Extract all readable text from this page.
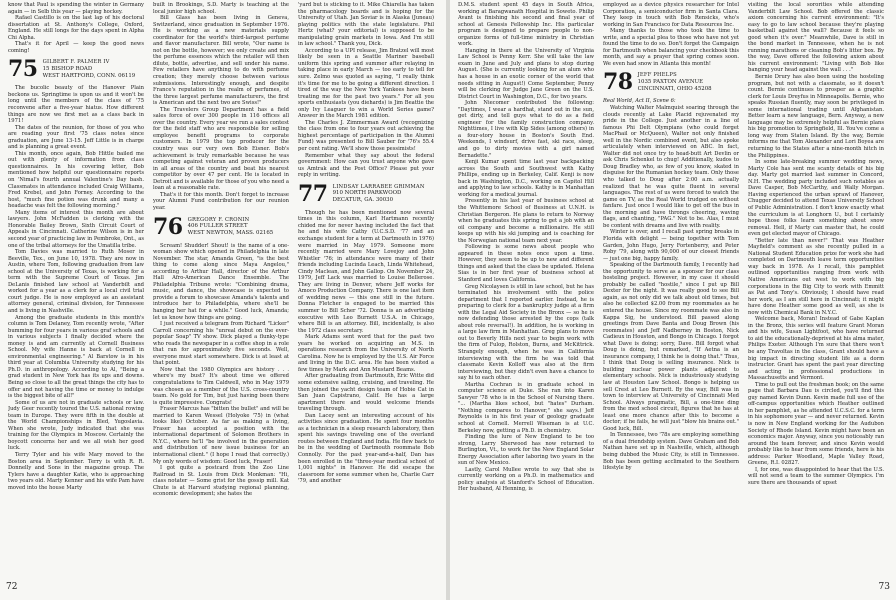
know that Paul is spending the winter in Germany again — in Selb this year — playing hockey.

Rafael Castillo is on the last lap of his doctoral dissertation at St. Anthony's College, Oxford, England. He still longs for the days spent in Alpha Chi Alpha.

That's it for April — keep the good news coming!

75 GILBERT F. PALMER IV
15 BISHOP ROAD
WEST HARTFORD, CONN. 06119

The bucolic beauty of the Hanover Plain beckons us. Springtime is upon us and it won't be long until the members of the class of '75 reconvene after a five-year hiatus. How different things are now we first met as a class back in 1971!

The dates of the reunion, for those of you who are reading your first '75 class notes since graduation, are June 13-15. Jeff Little is in charge and is planning a great event.

This month, once again, Bob Hittle bailed me out with plenty of information from class questionnaires. In his covering letter, Bob mentioned how helpful our questionnaire reports on 'Nimal's fourth annual Valentine's Day bash. Classmates in attendance included Craig Williams, Fred Krebel, and John Forney. According to the host, "much fine potion was drunk and many a headache was felt the following morning."

Many items of interest this month are about lawyers. John McFadden is clerking with the Honorable Bailey Brown, Sixth Circuit Court of Appeals in Cincinnati. Catherine Wilson is in her second year of practicing law in Pembroke, Ont., as one of the tribal attorneys for the Umatilla tribe.

Tom Davies was married to Ruth Moser in Beeville, Tex., on June 10, 1978. They are now in Austin, where Tom, following graduation from law school at the University of Texas, is working for a term with the Supreme Court of Texas. Jim DeLanis finished law school at Vanderbilt and worked for a year as a clerk for a local civil trial court judge. He is now employed as an assistant attorney general, criminal division, for Tennessee and is living in Nashville.

Among the graduate students in this month's column is Tom Delaney, Tom recently wrote, "After bumming for four years in various graf schools and in various subjects I finally decided where the money is and am currently at Cornell Business School. My wife Hanne is back at Cornell in environmental engineering." Al Barstow is in his third year at Columbia University studying for his Ph.D. in anthropology. According to Al, "Being a grad student in New York has its ups and downs. Being so close to all the great things the city has to offer and not having the time or money to indulge is the biggest bite of all!"

Some of us are not in graduate schools or law. Judy Geer recently toured the U.S. national rowing team in Europe. They were fifth in the double at the World Championships in Bled, Yugoslavia. When she wrote, Judy indicated that she was training for the Olympics in Moscow. Certainly the boycott concerns her and we all wish her good luck.

Terry Tyler and his wife Mary moved to the Boston area in September. Terry is with R. R. Donnelly and Sons in the magazine group. The Tylers have a daughter Katie, who is approaching two years old. Marty Kenner and his wife Pam have moved into the house Marty

built in Brookings, S.D. Marty is teaching at the local junior high school.

Bill Glass has been living in Geneva, Switzerland, since graduation in September 1976. He is working as a new materials supply coordinator for the world's third-largest perfume and flavor manufacturer. Bill wrote, "Our name is not on the bottle, however; we only create and mix the perfume essences which the retailer will then dilute, bottle, advertise, and sell under his name. Few retailers have anything to do with perfume creation; they merely choose between various submissions. Interestingly enough, and despite France's reputation in the realm of perfumes, of the three largest perfume manufacturers, the first is American and the next two are Swiss!"

The Travelers Group Department has a field sales force of over 300 people in 116 offices all over the country. Every year we run a sales contest for the field staff who are responsible for selling employee benefit programs to corporate customers. In 1979 the top producer for the country was our very own Bob Eisner. Bob's achievement is truly remarkable because he was competing against veteran and proven producers in all areas of the country and beat his nearest competitor by over 47 per cent. He is located in Detroit and is available for those of you who need a loan at a reasonable rate.

That's it for this month. Don't forget to increase your Alumni Fund contribution for our reunion year.

76 GREGORY F. CRONIN
406 FULLER STREET
WEST NEWTON, MASS. 02165

Scream! Shudder! Shout! is the name of a one-woman show which opened in Philadelphia in late November. The star, Amanda Green, "is the best thing to come along since Maya Angelou," according to Arthur Hall, director of the Arthur Hall Afro-American Dance Ensemble. The Philadelphia Tribune wrote: "Combining drama, music, and dance, the showcase is expected to provide a forum to showcase Amanda's talents and introduce her to Philadelphia, where she'll be hanging her hat for a while." Good luck, Amanda; let us know how things are going.

I just received a telegram from Richard "Licker" Carroll concerning his "unreal debut on the ever-popular Soap" TV show. Dick played a flunky-type who reads the newspaper in a coffee shop in a role that ran for approximately five seconds. Well, everyone must start somewhere. Dick is at least at that point.

Now that the 1980 Olympics are history . . . where's my bust? It's about time we offered congratulations to Tim Caldwell, who in May 1979 was chosen as a member of the U.S. cross-country team. No gold for Tim, but just having been there is quite impressive. Congrats!

Fraser Marcus has "bitten the bullet" and will be married to Karen Wessel (Holyoke '75) in (what looks like) October. As far as making a living, Fraser has accepted a position with the international department of Solomon Brothers in N.Y.C., where he'll "be involved in the generation and distribution of new issue business for an international client." (I hope I read that correctly.) My only words of wisdom: Good luck, Fraser!

I got quite a postcard from the Zoo Line Railroad in St. Louis from Dick Monkman: "Hi, class notater — Some grist for the gossip mill. Kat Chute is at Harvard studying regional planning, economic development; she hates the

'yard but is sticking to it. Mike Chiarella has taken the pharmacology boards and is hoping for the University of Utah. Jan Soviar is in Alaska (Juneau) playing politics with the state legislature. Phil Hertz (what? your editorial) is supposed to be manipulating grain markets in Iowa. And I'm still in law school." Thank you, Dick.

According to a UPI release, Jim Bratzel will most likely be seen in a Seattle Mariner baseball uniform this spring and summer after relaying in taking place in early March — too early to tell for sure. Zelmo was quoted as saying, "I really think it's time for me to be going a different direction. I tired of the way the New York Yankees have been treating me for the past two years." For all you sports enthusiasts (you diehards) is Jim Beattie the only Ivy Leaguer to win a World Series game? Answer in the March 1981 edition.

The Charles J. Zimmerman Award (recognizing the class from one to four years out achieving the highest percentage of participation in the Alumni Fund) was presented to Bill Sauber for '76's 55.4 per cent rating. We'll show those pessimists!

Remember what they say about the federal government: How can you trust anyone who gave us Amtrak and the Post Office? Please put your reply in writing.

77 LINDSAY LARRABEE GRIMMAN
910 NORTH PARKWOOD
DECATUR, GA. 30030

Though he has been mentioned now several times in this column, Karl Hartmann recently chided me for never having included the fact that he and his wife Cathy (U.C.S.D. '77 and an exchange student for a term at Dartmouth in 1976) were married in May 1979. Someone more recently married were Mary Lovejoy and John Whistler '76; in attendance were many of their friends including Lucinda Leach, Linda Whitehead, Cindy Maclean, and John Gallop. On November 24, 1979, Jeff Lack was married to Louise Bellerose. They are living in Denver, where Jeff works for Amoco Production Company. There is one last item of wedding news — this one still in the future. Donna Fletcher is engaged to be married this summer to Bill Scher '72. Donna is an advertising executive with Leo Burnett U.S.A. in Chicago, where Bill is an attorney. Bill, incidentally, is also the 1972 class secretary.

Mark Adams sent word that for the past two years he worked on acquiring an M.S. in operations research from the University of North Carolina. Now he is employed by the U.S. Air Force and living in the D.C. area. He has been visited a few times by Mark and Ann Mustard Beams.

After graduating from Dartmouth, Eric Witte did some extensive sailing, cruising, and traveling. He then joined the yacht design team of Hobie Cat in San Juan Capistrano, Calif. He has a large apartment there and would welcome friends traveling through.

Dan Lacey sent an interesting account of his activities since graduation. He spent four months as a technician in a sleep research laboratory, then spent his savings traveling one of the overland routes between England and India. He flew back to be in the wedding of Dartmouth roommate Bob Connolly. For the past year-and-a-half, Dan has been enrolled in the "three-year medical school of 1,001 nights" in Hanover. He did escape the classroom for some summer when he, Charlie Carr '79, and another

72

D.M.S. student spent 45 days in South Africa, working at Baragwanath Hospital in Soweto. Philip Avant is finishing his second and final year of school at Genesis Fellowship Inc. His particular program is designed to prepare people to non-organize forms of full-time ministry in Christian work.

Hanging in there at the University of Virginia Law School is Penny Kerr. She will take the law exam in June and July and plans to stop during August. (She is currently looking for an alum who has a house in an exotic corner of the world that needs sitting in August!) Come September, Penny will be clerking for Judge Jane Green on the U.S. District Court in Washington, D.C., for two years.

John Niecomer contributed the following: "Daytimes, I wear a hardhat, stand out in the sun, get dirty, and tell guys what to do as a field engineer for the family construction company. Nighttimes, I live with Kip Sides (among others) in a four-story house in Boston's South End. Weekends, I windsurf, drive fast, ski race, sleep, and go to dirty movies with a girl named Bernadette."

Kenji Kumar spent time last year backpacking across the South and Southwest with Kathy Phillips, ending up in Berkeley, Calif. Kenji is now back in Washington, D.C., working on Capitol Hill and applying to law schools. Kathy is in Manhattan working for a medical journal.

Presently in his last year of business school at the Whittemore School of Business at U.N.H. is Christian Bergeron. He plans to return to Norway when he graduates this spring to get a job with an oil company and become a millionaire. He still keeps up with his ski jumping and is coaching for the Norwegian national team next year.

Following is some news about people who appeared in these notes once upon a time. However, they seem to be up to new and different things and asked that the class be updated. Helena Sias is in her first year of business school at Stanford and loves California.

Greg Nicolaysen is still in law school, but he has terminated his involvement with the police department that I reported earlier. Instead, he is preparing to clerk for a bankruptcy judge at a firm with the Legal Aid Society in the Bronx — so he is now defending those arrested by the cops (talk about role reversal!). In addition, he is working in a large law firm in Manhattan. Greg plans to move out to Beverly Hills next year to begin work with the firm of Fulop, Rolston, Burns, and McKittrick. Strangely enough, when he was in California interviewing with the firm he was told that classmate Kevin Kolloff was also at the firm interviewing, but they didn't even have a chance to say hi to each other.

Martha Cochran is in graduate school in computer science at Duke. She ran into Karen Sawyer '78 who is in the School of Nursing there. "... (Martha likes school, but "hates" Durham. "Nothing compares to Hanover," she says.) Jeff Reynolds is in his first year of geology graduate school at Cornell. Merrell Wiseman is at U.C. Berkeley now, getting a Ph.D. in chemistry.

Finding the lure of New England to be too strong, Larry Sherwood has now returned to Burlington, Vt., to work for the New England Solar Energy Association after laboring two years in the sun of New Mexico.

Lastly, Carol Mullee wrote to say that she is currently working on a Ph.D. in mathematics and policy analysis at Stanford's School of Education. Her husband, Al Henning, is

employed as a device physics researcher for Intel Corporation, a semiconductor firm in Santa Clara. They keep in touch with Bob Rensicks, who's working in San Francisco for Data Resources Inc.

Many thanks to those who took the time to write, and a special plea to those who have not yet found the time to do so. Don't forget the Campaign for Dartmouth when balancing your checkbook this month, and say a prayer that spring comes soon. We even had snow in Atlanta this month!

78 JEFF PHELPS
1035 PAXTON AVENUE
CINCINNATI, OHIO 45208

Real World, Act II, Scene 6:

Watching Walter Malmquist soaring through the clouds recently at Lake Placid rejuvenated my pride in the College. Just another in a line of famous Phi Delt Olympians (who could forget MacPhail or McQueen), Walter not only finished well in the Nordic combined event, but also spoke articulately when interviewed on ABC. In fact, Walter did not once try to head-butt Art Devlin or ask Chris Schenkel to chug! Additionally, kudos to Doug Bradley who, as few of you know, skated in disguise for the Rumanian hockey team. Only those who talked to Doug after 2:00 a.m. actually realized that he was quite fluent in several languages. The rest of us were forced to watch the game on TV, as the Real World trudged on without fanfare. Just once I would like to get off the bus in the morning and have throngs cheering, waving flags, and chanting, "PAG." Not to be. Alas, I must be content with dreams and live with reality.

Winter is over, and I recall past spring breaks in Florida with delight — being together with Tom Garden, John Hugo, Jerry Fortenberry, and Peter Roby '79, along with 90,000 of our closest friends — just one big, happy family.

Speaking of the Dartmouth family, I recently had the opportunity to serve as a sponsor for our class hosteling project. However, in my case it should probably be called "hostile," since I put up Bill Dexter for the night. It was really good to see Bill again, as not only did we talk about old times, but also he collected $2.00 from my roommates as he entered the house. Since my roommate was also in Kappa Sig, he understood. Bill passed along greetings from Dave Banta and Doug Brown (his roommates) and Jeff Nadherney in Boston, Nick Cadieux in Houston, and Bongo in Chicago. I forgot what Dave is doing; sorry, Dave. Bill forgot what Doug is doing, but remarked, "If Aetna is an insurance company, I think he is doing that." Thus, I think that Doug is selling insurance. Nick is building nuclear power plants adjacent to elementary schools. Nick is industriously studying law at Houston Law School. Bongo is helping us sell Crest at Leo Burnett. By the way, Bill was in town to interview at University of Cincinnati Med School. Always pragmatic, Bill, a one-time ding from the med school circuit, figures that he has at least one more chance after this to become a doctor; if he fails, he will just "blow his brains out." Good luck, Bill.

In Tennessee, two '78s are employing something of a dual friendship system. Dave Graham and Bob Nathan have set up in Nashville, which, although being dubbed the Music City, is still in Tennessee. Bob has been getting acclimated to the Southern lifestyle by

visiting the local sororities while attending Vanderbilt Law School. Bob offered the classic axiom concerning his current environment: "It's easy to go to law school because they're playing basketball against the wall? Because it feels so good when it's over." Meanwhile, Dave is still in the bond market in Tennessee, when he is not running marathons or cleaning Bob's litter box. By the way, Dave offered the following axiom about his current environment: "Living with Bob like banging your head against the wall . . ."

Bernie Drury has also been using the hosteling program, but not with a classmate, so it doesn't count. Bernie continues to prosper as a graphic clerk for Louis Dreyfus in Minneapolis. Bernie, who speaks Russian fluently, may soon be privileged in some international trading until Afghanistan. Better learn a new language, Bern. Anyway, a new language may be extremely helpful as Bernie plans his big promotion to Springfield, Ill. You've come a long way from Staten Island. By the way, Bernie informs me that Tom Alexander and Lori Boyea are returning to the States after a nine-month hitch in the Philippines.

In some late-breaking summer wedding news, Marty Cole has sent me scanty details of his big day. Marty got married last summer in Concord, N.H. The wedding party included such notables as Dave Casper, Bob McCarthy, and Wally Morgan. Having experienced the urban sprawl of Hanover, Chugger decided to attend Texas University School of Public Administration. I don't know exactly what the curriculum is at Longhorn U., but I certainly hope those folks learn something about snow removal. Hell, if Marty can master that, he could even get elected mayor of Chicago.

"Better late than never!" That was Heather Mayfield's comment as she recently pulled in a National Student Education prize for work she had completed on Dartmouth leave term opportunities way back in 1978. As I recall, this pamphlet outlined opportunities ranging from work with Native Americans out west to work with big corporations in the Big City to work with Emmitt as Pat and Tony's. Obviously, I should have read her work, as I am still here in Cincinnati; it might have done Heather some good as well, as she is now with Chemical Bank in N.Y.C.

Welcome back, Moran! Instead of Gabe Kaplan in the Bronx, this series will feature Grant Moran and his wife, Susan Lightfoot, who have returned to aid the educationally-deprived at his alma mater, Philips Exeter. Although I'm sure that there won't be any Travoltas in the class, Grant should have a big impact in directing student life as a dorm instructor. Grant has spent the past year directing and acting in professional productions in Massachusetts and Vermont.

Time to pull out the freshman book; on the same page that Barbara Dau is circled, you'll find this guy named Kevin Dunn. Kevin made full use of the off-campus opportunities which Heather outlined in her pamphlet, as he attended U.C.S.C. for a term in his sophomore year — and never returned. Kevin is now in New England working for the Audubon Society of Rhode Island. Kevin might have been an economics major. Anyway, since you noticeably ran around the team forever, and since Kevin would probably like to hear from some friends, here is his address: Parker Woodland, Maple Valley Road, Greene, R.I. 02827.

I, for one, was disappointed to hear that the U.S. will not send a team to the summer Olympics. I'm sure there are thousands of upset

73
